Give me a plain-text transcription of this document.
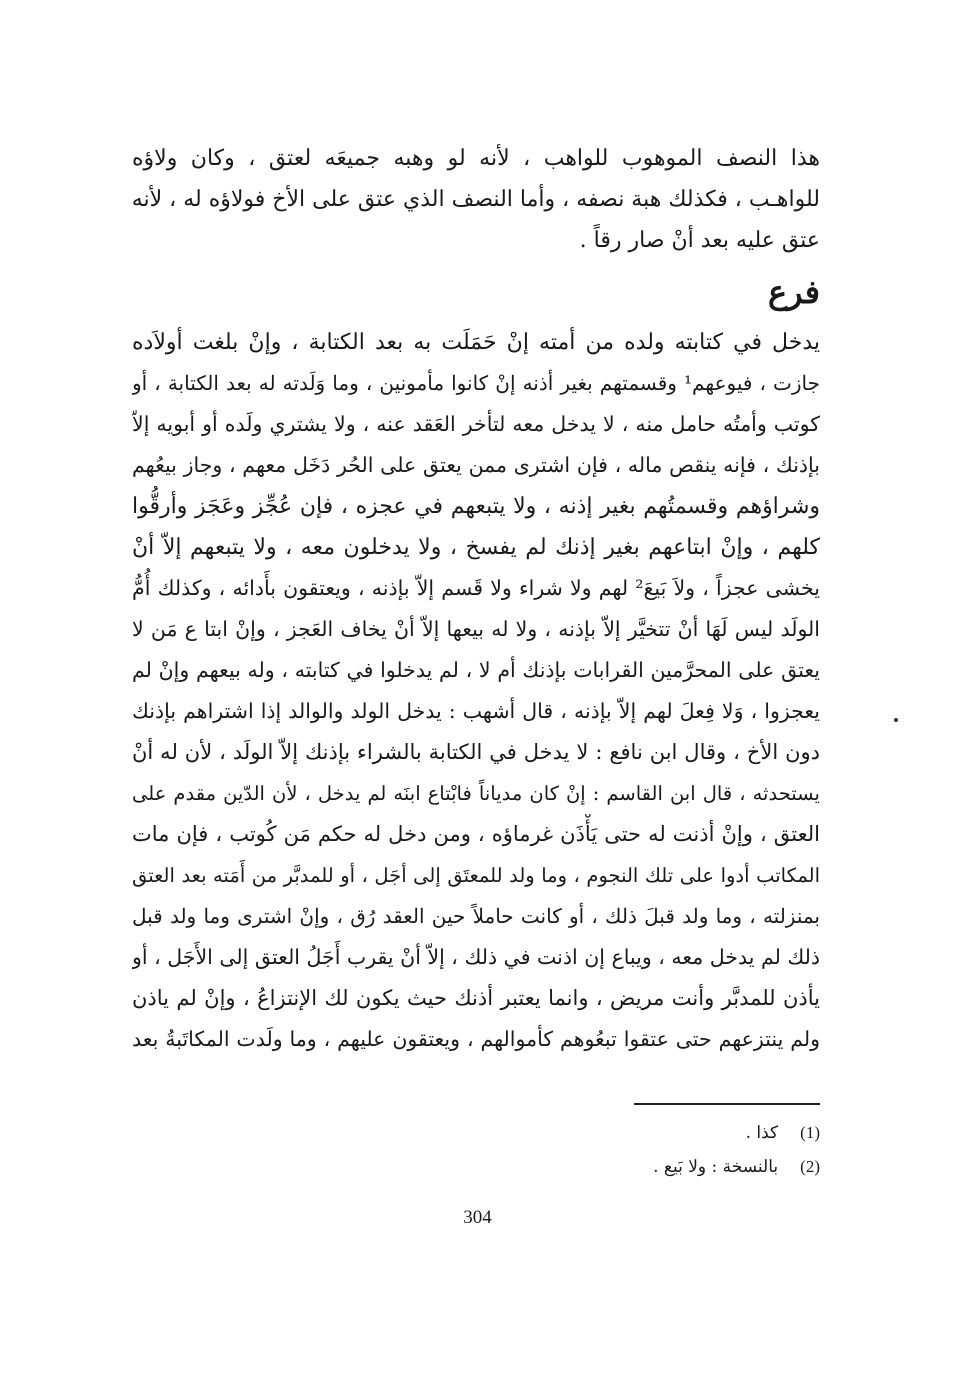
هذا النصف الموهوب للواهب ، لأنه لو وهبه جميعَه لعتق ، وكان ولاؤه
للواهـب ، فكذلك هبة نصفه ، وأما النصف الذي عتق على الأخ فولاؤه له ، لأنه
عتق عليه بعد أنْ صار رقاً .
فرع
يدخل في كتابته ولده من أمته إنْ حَمَلَت به بعد الكتابة ، وإنْ بلغت أولاَده
جازت ، فيوعهم¹ وقسمتهم بغير أذنه إنْ كانوا مأمونين ، وما وَلَدته له بعد الكتابة ، أو
كوتب وأمتُه حامل منه ، لا يدخل معه لتأخر العَقد عنه ، ولا يشتري ولَده أو أبويه إلاّ
بإذنك ، فإنه ينقص ماله ، فإن اشترى ممن يعتق على الحُر دَخَل معهم ، وجاز بيعُهم
وشراؤهم وقسمتُهم بغير إذنه ، ولا يتبعهم في عجزه ، فإن عُجِّز وعَجَز وأرقُّوا
كلهم ، وإنْ ابتاعهم بغير إذنك لم يفسخ ، ولا يدخلون معه ، ولا يتبعهم إلاّ أنْ
يخشى عجزاً ، ولاَ بَيعَ² لهم ولا شراء ولا قَسم إلاّ بإذنه ، ويعتقون بأَدائه ، وكذلك أُمُّ
الولَد ليس لَهَا أنْ تتخيَّر إلاّ بإذنه ، ولا له بيعها إلاّ أنْ يخاف العَجز ، وإنْ ابتا ع مَن لا
يعتق على المحرَّمين القرابات بإذنك أم لا ، لم يدخلوا في كتابته ، وله بيعهم وإنْ لم
يعجزوا ، وَلا فِعلَ لهم إلاّ بإذنه ، قال أشهب : يدخل الولد والوالد إذا اشتراهم بإذنك
دون الأخ ، وقال ابن نافع : لا يدخل في الكتابة بالشراء بإذنك إلاّ الولَد ، لأن له أنْ
يستحدثه ، قال ابن القاسم : إنْ كان مدياناً فابْتاع ابنَه لم يدخل ، لأن الدّين مقدم على
العتق ، وإنْ أذنت له حتى يَأْذَن غرماؤه ، ومن دخل له حكم مَن كُوتب ، فإن مات
المكاتب أدوا على تلك النجوم ، وما ولد للمعتَق إلى أجَل ، أو للمدبَّر من أَمَته بعد العتق
بمنزلته ، وما ولد قبلَ ذلك ، أو كانت حاملاً حين العقد رُق ، وإنْ اشترى وما ولد قبل
ذلك لم يدخل معه ، ويباع إن اذنت في ذلك ، إلاّ أنْ يقرب أَجَلُ العتق إلى الأَجَل ، أو
يأذن للمدبَّر وأنت مريض ، وانما يعتبر أذنك حيث يكون لك الإنتزاعُ ، وإنْ لم ياذن
ولم ينتزعهم حتى عتقوا تبعُوهم كأموالهم ، ويعتقون عليهم ، وما ولَدت المكاتَبةُ بعد
(1)كذا .
(2)بالنسخة : ولا بَيع .
304
